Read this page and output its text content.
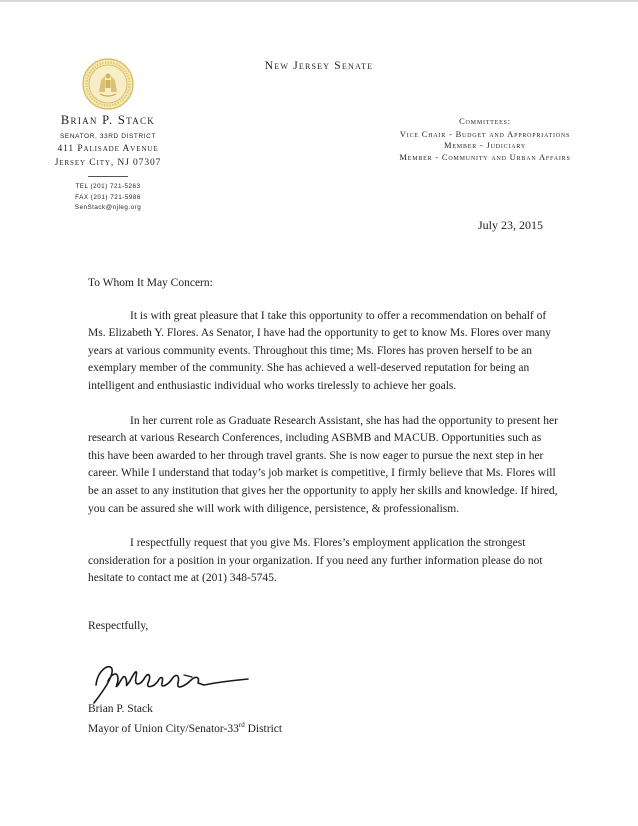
New Jersey Senate
Brian P. Stack
SENATOR, 33RD DISTRICT
411 Palisade Avenue
Jersey City, NJ 07307
TEL (201) 721-5263
FAX (201) 721-5986
SenStack@njleg.org
Committees:
Vice Chair - Budget and Appropriations
Member - Judiciary
Member - Community and Urban Affairs
July 23, 2015

To Whom It May Concern:

It is with great pleasure that I take this opportunity to offer a recommendation on behalf of Ms. Elizabeth Y. Flores. As Senator, I have had the opportunity to get to know Ms. Flores over many years at various community events. Throughout this time; Ms. Flores has proven herself to be an exemplary member of the community. She has achieved a well-deserved reputation for being an intelligent and enthusiastic individual who works tirelessly to achieve her goals.

In her current role as Graduate Research Assistant, she has had the opportunity to present her research at various Research Conferences, including ASBMB and MACUB. Opportunities such as this have been awarded to her through travel grants. She is now eager to pursue the next step in her career. While I understand that today’s job market is competitive, I firmly believe that Ms. Flores will be an asset to any institution that gives her the opportunity to apply her skills and knowledge. If hired, you can be assured she will work with diligence, persistence, & professionalism.

I respectfully request that you give Ms. Flores’s employment application the strongest consideration for a position in your organization. If you need any further information please do not hesitate to contact me at (201) 348-5745.

Respectfully,

Brian P. Stack
Mayor of Union City/Senator-33rd District
